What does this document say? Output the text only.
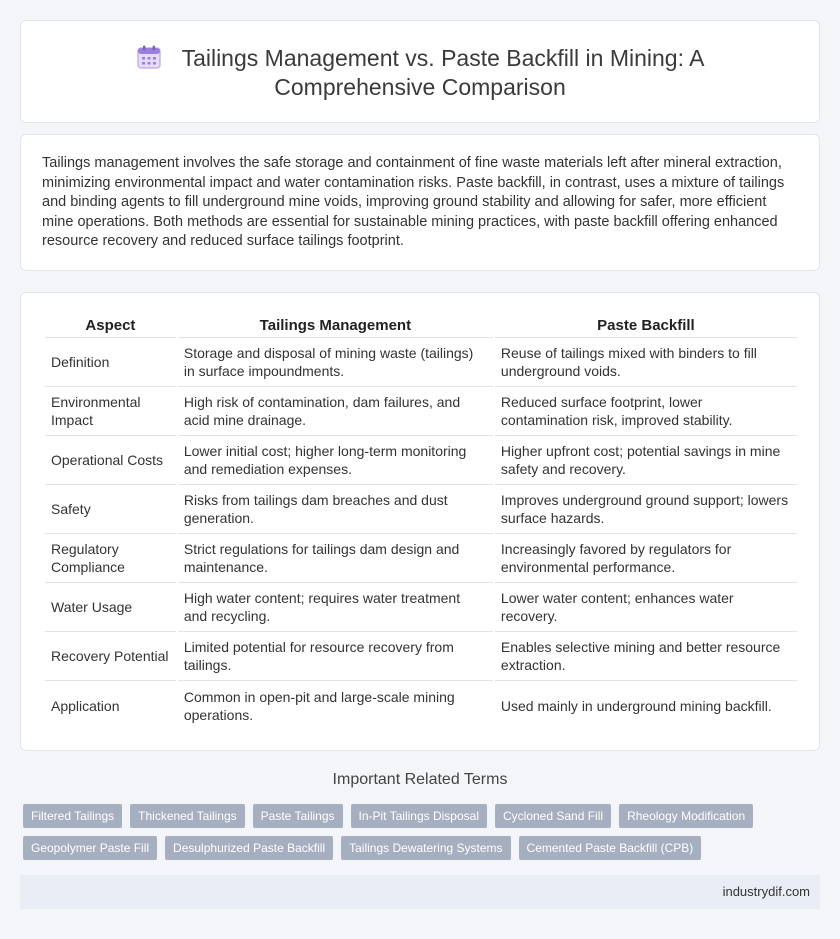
Tailings Management vs. Paste Backfill in Mining: A
Comprehensive Comparison

Tailings management involves the safe storage and containment of fine waste materials left after mineral extraction, minimizing environmental impact and water contamination risks. Paste backfill, in contrast, uses a mixture of tailings and binding agents to fill underground mine voids, improving ground stability and allowing for safer, more efficient mine operations. Both methods are essential for sustainable mining practices, with paste backfill offering enhanced resource recovery and reduced surface tailings footprint.

Aspect	Tailings Management	Paste Backfill
Definition	Storage and disposal of mining waste (tailings) in surface impoundments.	Reuse of tailings mixed with binders to fill underground voids.
Environmental Impact	High risk of contamination, dam failures, and acid mine drainage.	Reduced surface footprint, lower contamination risk, improved stability.
Operational Costs	Lower initial cost; higher long-term monitoring and remediation expenses.	Higher upfront cost; potential savings in mine safety and recovery.
Safety	Risks from tailings dam breaches and dust generation.	Improves underground ground support; lowers surface hazards.
Regulatory Compliance	Strict regulations for tailings dam design and maintenance.	Increasingly favored by regulators for environmental performance.
Water Usage	High water content; requires water treatment and recycling.	Lower water content; enhances water recovery.
Recovery Potential	Limited potential for resource recovery from tailings.	Enables selective mining and better resource extraction.
Application	Common in open-pit and large-scale mining operations.	Used mainly in underground mining backfill.
Important Related Terms
Filtered Tailings	Thickened Tailings	Paste Tailings	In-Pit Tailings Disposal	Cycloned Sand Fill	Rheology Modification
Geopolymer Paste Fill	Desulphurized Paste Backfill	Tailings Dewatering Systems	Cemented Paste Backfill (CPB)
industrydif.com
